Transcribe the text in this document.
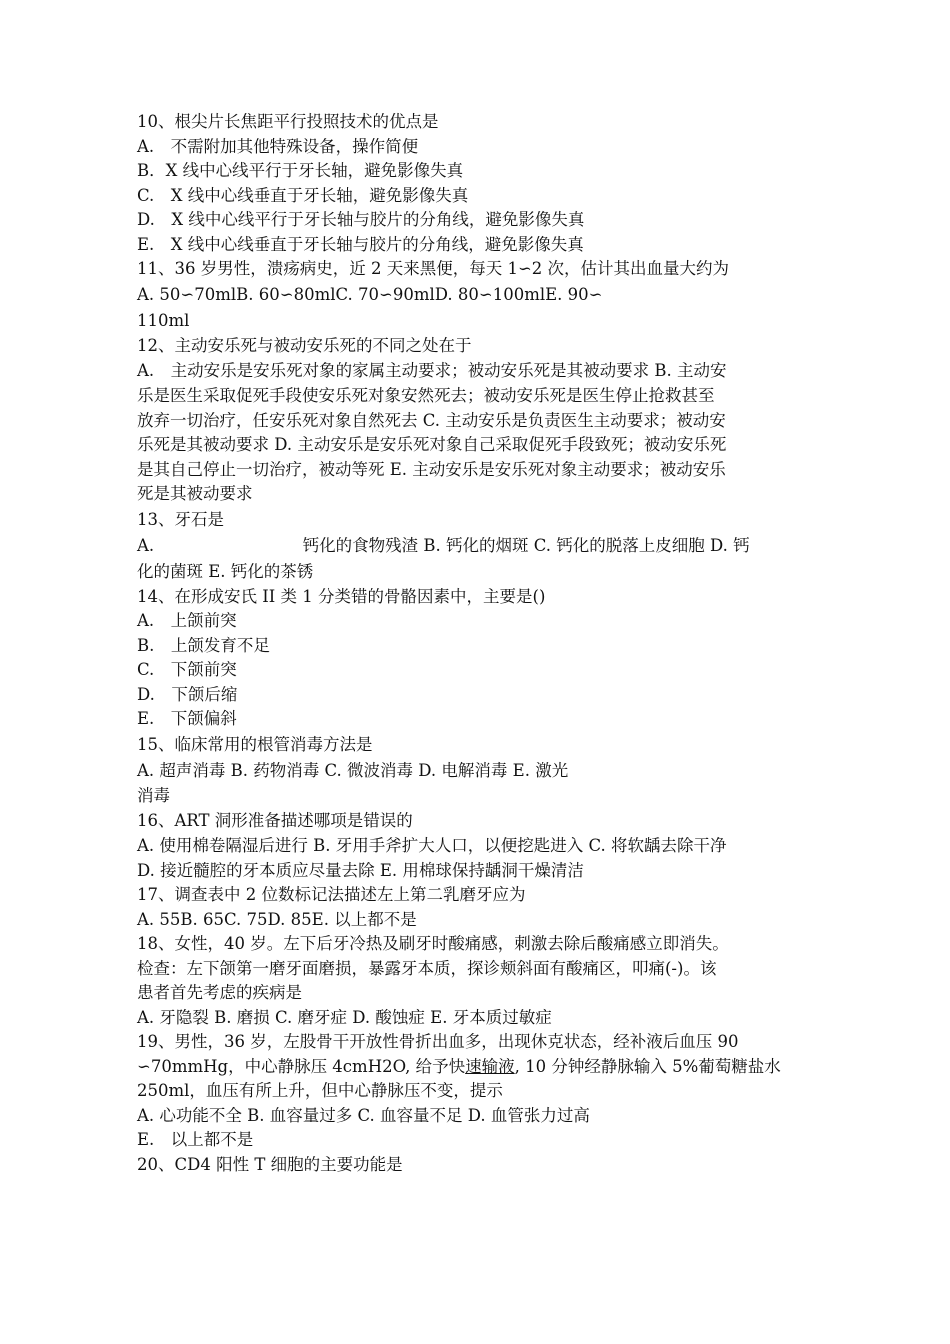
10、根尖片长焦距平行投照技术的优点是
A.　不需附加其他特殊设备，操作简便
B．X 线中心线平行于牙长轴，避免影像失真
C.　X 线中心线垂直于牙长轴，避免影像失真
D.　X 线中心线平行于牙长轴与胶片的分角线，避免影像失真
E.　X 线中心线垂直于牙长轴与胶片的分角线，避免影像失真
11、36 岁男性，溃疡病史，近 2 天来黑便，每天 1∽2 次，估计其出血量大约为
A. 50∽70mlB. 60∽80mlC. 70∽90mlD. 80∽100mlE. 90∽
110ml
12、主动安乐死与被动安乐死的不同之处在于
A.　主动安乐是安乐死对象的家属主动要求；被动安乐死是其被动要求 B. 主动安
乐是医生采取促死手段使安乐死对象安然死去；被动安乐死是医生停止抢救甚至
放弃一切治疗，任安乐死对象自然死去 C. 主动安乐是负责医生主动要求；被动安
乐死是其被动要求 D. 主动安乐是安乐死对象自己采取促死手段致死；被动安乐死
是其自己停止一切治疗，被动等死 E. 主动安乐是安乐死对象主动要求；被动安乐
死是其被动要求
13、牙石是
A.　　　　　　　　　钙化的食物残渣 B. 钙化的烟斑 C. 钙化的脱落上皮细胞 D. 钙
化的菌斑 E. 钙化的茶锈
14、在形成安氏 II 类 1 分类错的骨骼因素中，主要是()
A.　上颌前突
B.　上颌发育不足
C.　下颌前突
D.　下颌后缩
E.　下颌偏斜
15、临床常用的根管消毒方法是
A. 超声消毒 B. 药物消毒 C. 微波消毒 D. 电解消毒 E. 激光
消毒
16、ART 洞形准备描述哪项是错误的
A. 使用棉卷隔湿后进行 B. 牙用手斧扩大人口，以便挖匙进入 C. 将软龋去除干净
D. 接近髓腔的牙本质应尽量去除 E. 用棉球保持龋洞干燥清洁
17、调查表中 2 位数标记法描述左上第二乳磨牙应为
A. 55B. 65C. 75D. 85E. 以上都不是
18、女性，40 岁。左下后牙冷热及刷牙时酸痛感，刺激去除后酸痛感立即消失。
检查：左下颌第一磨牙面磨损，暴露牙本质，探诊颊斜面有酸痛区，叩痛(-)。该
患者首先考虑的疾病是
A. 牙隐裂 B. 磨损 C. 磨牙症 D. 酸蚀症 E. 牙本质过敏症
19、男性，36 岁，左股骨干开放性骨折出血多，出现休克状态，经补液后血压 90
∽70mmHg，中心静脉压 4cmH2O, 给予快速输液, 10 分钟经静脉输入 5%葡萄糖盐水
250ml，血压有所上升，但中心静脉压不变，提示
A. 心功能不全 B. 血容量过多 C. 血容量不足 D. 血管张力过高
E.　以上都不是
20、CD4 阳性 T 细胞的主要功能是
